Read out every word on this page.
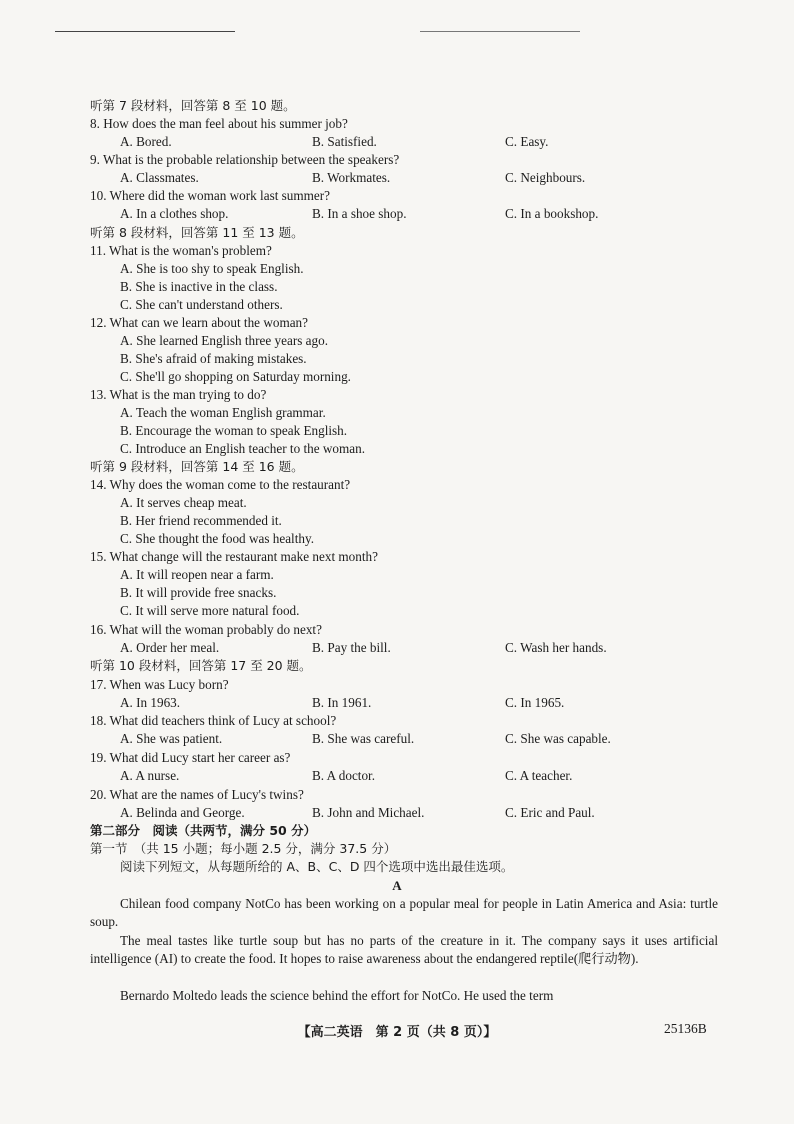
听第 7 段材料，回答第 8 至 10 题。
8. How does the man feel about his summer job?
A. Bored.	B. Satisfied.	C. Easy.
9. What is the probable relationship between the speakers?
A. Classmates.	B. Workmates.	C. Neighbours.
10. Where did the woman work last summer?
A. In a clothes shop.	B. In a shoe shop.	C. In a bookshop.
听第 8 段材料，回答第 11 至 13 题。
11. What is the woman's problem?
A. She is too shy to speak English.
B. She is inactive in the class.
C. She can't understand others.
12. What can we learn about the woman?
A. She learned English three years ago.
B. She's afraid of making mistakes.
C. She'll go shopping on Saturday morning.
13. What is the man trying to do?
A. Teach the woman English grammar.
B. Encourage the woman to speak English.
C. Introduce an English teacher to the woman.
听第 9 段材料，回答第 14 至 16 题。
14. Why does the woman come to the restaurant?
A. It serves cheap meat.
B. Her friend recommended it.
C. She thought the food was healthy.
15. What change will the restaurant make next month?
A. It will reopen near a farm.
B. It will provide free snacks.
C. It will serve more natural food.
16. What will the woman probably do next?
A. Order her meal.	B. Pay the bill.	C. Wash her hands.
听第 10 段材料，回答第 17 至 20 题。
17. When was Lucy born?
A. In 1963.	B. In 1961.	C. In 1965.
18. What did teachers think of Lucy at school?
A. She was patient.	B. She was careful.	C. She was capable.
19. What did Lucy start her career as?
A. A nurse.	B. A doctor.	C. A teacher.
20. What are the names of Lucy's twins?
A. Belinda and George.	B. John and Michael.	C. Eric and Paul.
第二部分　阅读（共两节，满分 50 分）
第一节　（共 15 小题；每小题 2.5 分，满分 37.5 分）
阅读下列短文，从每题所给的 A、B、C、D 四个选项中选出最佳选项。
A
Chilean food company NotCo has been working on a popular meal for people in Latin America and Asia: turtle soup.
The meal tastes like turtle soup but has no parts of the creature in it. The company says it uses artificial intelligence (AI) to create the food. It hopes to raise awareness about the endangered reptile(爬行动物).
Bernardo Moltedo leads the science behind the effort for NotCo. He used the term
【高二英语　第 2 页（共 8 页）】	25136B
